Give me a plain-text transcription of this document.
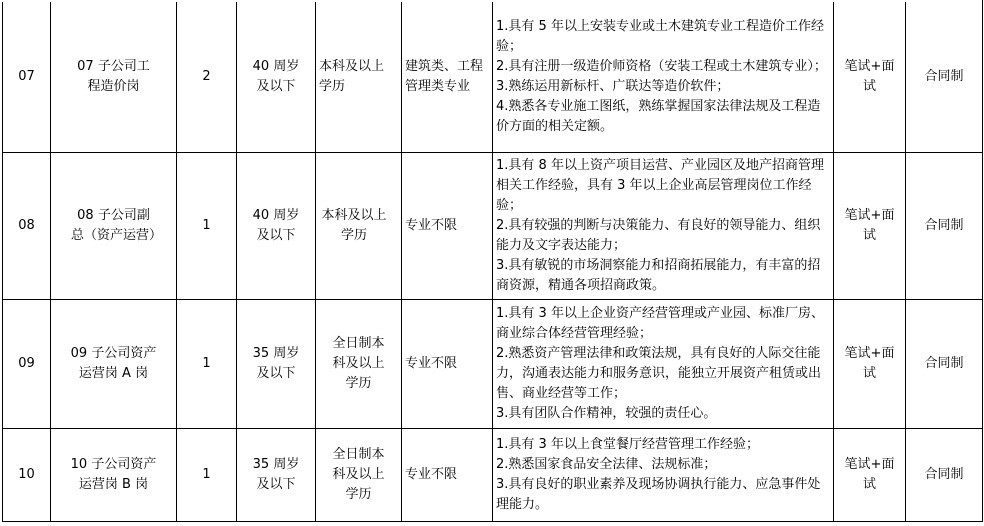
07	07 子公司工程造价岗	2	40 周岁及以下	本科及以上学历	建筑类、工程管理类专业	1.具有 5 年以上安装专业或土木建筑专业工程造价工作经验；
2.具有注册一级造价师资格（安装工程或土木建筑专业）；
3.熟练运用新标杆、广联达等造价软件；
4.熟悉各专业施工图纸，熟练掌握国家法律法规及工程造价方面的相关定额。	笔试+面试	合同制
08	08 子公司副总（资产运营）	1	40 周岁及以下	本科及以上学历	专业不限	1.具有 8 年以上资产项目运营、产业园区及地产招商管理相关工作经验，具有 3 年以上企业高层管理岗位工作经验；
2.具有较强的判断与决策能力、有良好的领导能力、组织能力及文字表达能力；
3.具有敏锐的市场洞察能力和招商拓展能力，有丰富的招商资源，精通各项招商政策。	笔试+面试	合同制
09	09 子公司资产运营岗 A 岗	1	35 周岁及以下	全日制本科及以上学历	专业不限	1.具有 3 年以上企业资产经营管理或产业园、标准厂房、商业综合体经营管理经验；
2.熟悉资产管理法律和政策法规，具有良好的人际交往能力，沟通表达能力和服务意识，能独立开展资产租赁或出售、商业经营等工作；
3.具有团队合作精神，较强的责任心。	笔试+面试	合同制
10	10 子公司资产运营岗 B 岗	1	35 周岁及以下	全日制本科及以上学历	专业不限	1.具有 3 年以上食堂餐厅经营管理工作经验；
2.熟悉国家食品安全法律、法规标准；
3.具有良好的职业素养及现场协调执行能力、应急事件处理能力。	笔试+面试	合同制
